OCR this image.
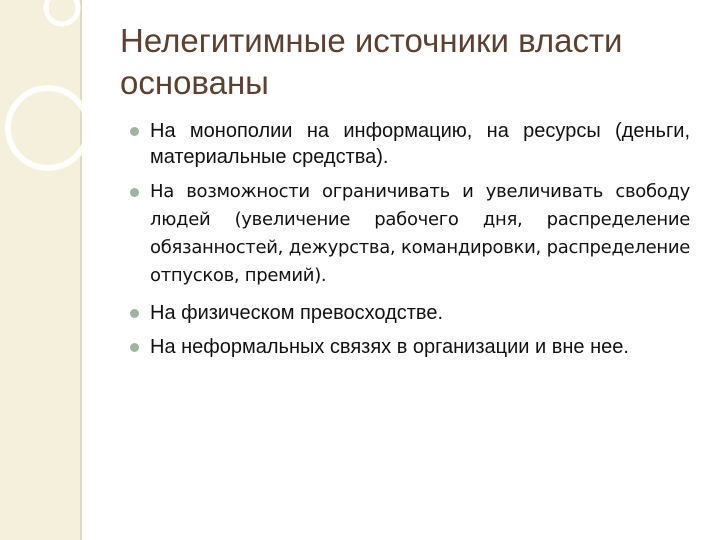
Нелегитимные источники власти основаны
На монополии на информацию, на ресурсы (деньги, материальные средства).
На возможности ограничивать и увеличивать свободу людей (увеличение рабочего дня, распределение обязанностей, дежурства, командировки, распределение отпусков, премий).
На физическом превосходстве.
На неформальных связях в организации и вне нее.
